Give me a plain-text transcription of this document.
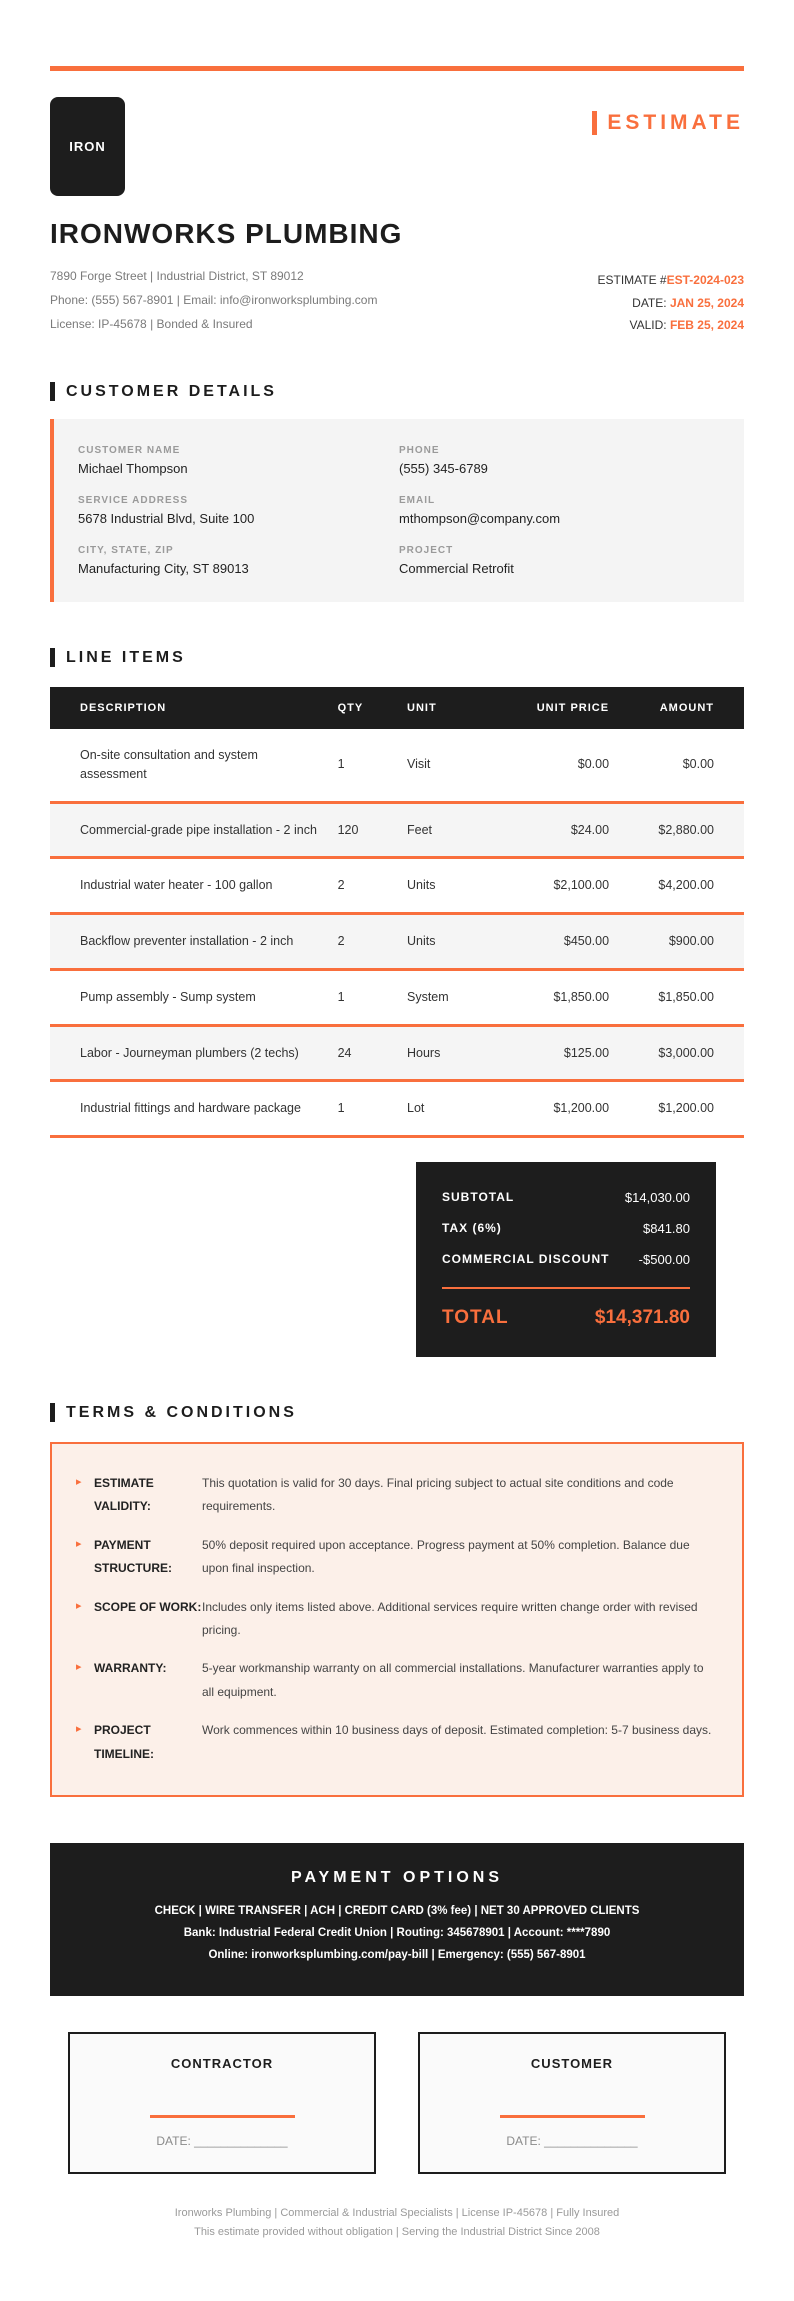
IRON
ESTIMATE
IRONWORKS PLUMBING
7890 Forge Street | Industrial District, ST 89012
Phone: (555) 567-8901 | Email: info@ironworksplumbing.com
License: IP-45678 | Bonded & Insured
ESTIMATE #EST-2024-023
DATE: JAN 25, 2024
VALID: FEB 25, 2024
CUSTOMER DETAILS
CUSTOMER NAME
Michael Thompson
PHONE
(555) 345-6789
SERVICE ADDRESS
5678 Industrial Blvd, Suite 100
EMAIL
mthompson@company.com
CITY, STATE, ZIP
Manufacturing City, ST 89013
PROJECT
Commercial Retrofit
LINE ITEMS
DESCRIPTION	QTY	UNIT	UNIT PRICE	AMOUNT
On-site consultation and system assessment	1	Visit	$0.00	$0.00
Commercial-grade pipe installation - 2 inch	120	Feet	$24.00	$2,880.00
Industrial water heater - 100 gallon	2	Units	$2,100.00	$4,200.00
Backflow preventer installation - 2 inch	2	Units	$450.00	$900.00
Pump assembly - Sump system	1	System	$1,850.00	$1,850.00
Labor - Journeyman plumbers (2 techs)	24	Hours	$125.00	$3,000.00
Industrial fittings and hardware package	1	Lot	$1,200.00	$1,200.00
SUBTOTAL	$14,030.00
TAX (6%)	$841.80
COMMERCIAL DISCOUNT -$500.00
TOTAL	$14,371.80
TERMS & CONDITIONS
▸	ESTIMATE VALIDITY:
This quotation is valid for 30 days. Final pricing subject to actual site conditions and code requirements.
▸	PAYMENT STRUCTURE:
50% deposit required upon acceptance. Progress payment at 50% completion. Balance due upon final inspection.
▸	SCOPE OF WORK: Includes only items listed above. Additional services require written change order with revised pricing.
▸	WARRANTY:	5-year workmanship warranty on all commercial installations. Manufacturer warranties apply to all equipment.
▸	PROJECT TIMELINE:
Work commences within 10 business days of deposit. Estimated completion: 5-7 business days.
PAYMENT OPTIONS
CHECK | WIRE TRANSFER | ACH | CREDIT CARD (3% fee) | NET 30 APPROVED CLIENTS
Bank: Industrial Federal Credit Union | Routing: 345678901 | Account: ****7890
Online: ironworksplumbing.com/pay-bill | Emergency: (555) 567-8901
CONTRACTOR
DATE: ______________
CUSTOMER
DATE: ______________
Ironworks Plumbing | Commercial & Industrial Specialists | License IP-45678 | Fully Insured
This estimate provided without obligation | Serving the Industrial District Since 2008
